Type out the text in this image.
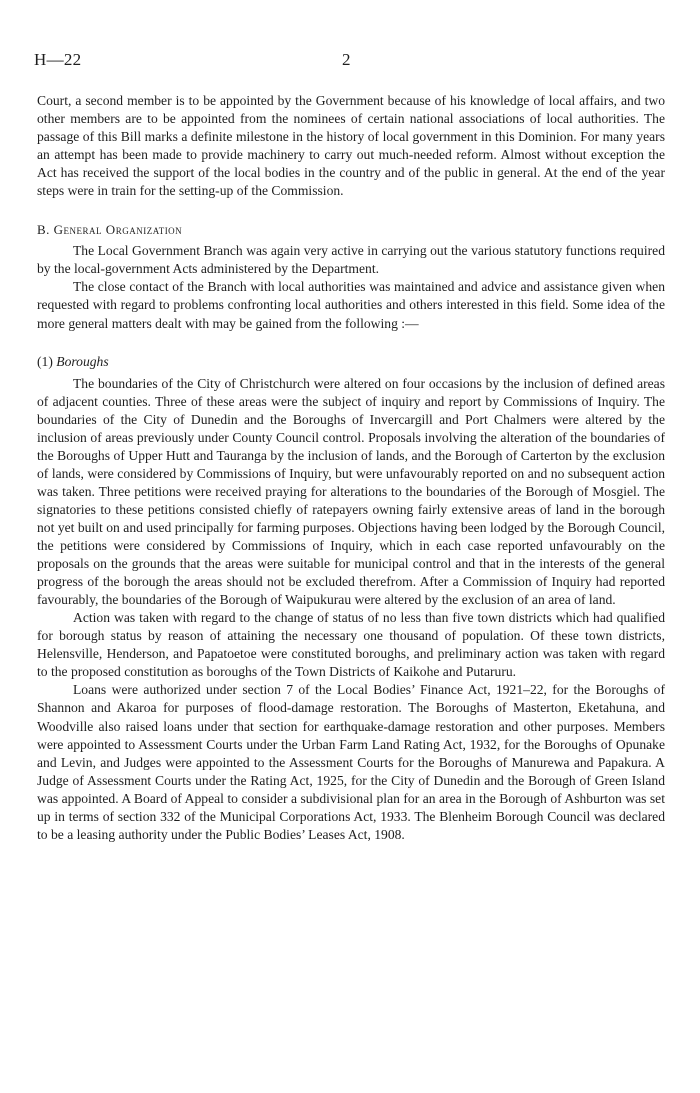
H—22	2

Court, a second member is to be appointed by the Government because of his knowledge of local affairs, and two other members are to be appointed from the nominees of certain national associations of local authorities. The passage of this Bill marks a definite milestone in the history of local government in this Dominion. For many years an attempt has been made to provide machinery to carry out much-needed reform. Almost without exception the Act has received the support of the local bodies in the country and of the public in general. At the end of the year steps were in train for the setting-up of the Commission.

B. General Organization

The Local Government Branch was again very active in carrying out the various statutory functions required by the local-government Acts administered by the Department.

The close contact of the Branch with local authorities was maintained and advice and assistance given when requested with regard to problems confronting local authorities and others interested in this field. Some idea of the more general matters dealt with may be gained from the following :—

(1) Boroughs

The boundaries of the City of Christchurch were altered on four occasions by the inclusion of defined areas of adjacent counties. Three of these areas were the subject of inquiry and report by Commissions of Inquiry. The boundaries of the City of Dunedin and the Boroughs of Invercargill and Port Chalmers were altered by the inclusion of areas previously under County Council control. Proposals involving the alteration of the boundaries of the Boroughs of Upper Hutt and Tauranga by the inclusion of lands, and the Borough of Carterton by the exclusion of lands, were considered by Commissions of Inquiry, but were unfavourably reported on and no subsequent action was taken. Three petitions were received praying for alterations to the boundaries of the Borough of Mosgiel. The signatories to these petitions consisted chiefly of ratepayers owning fairly extensive areas of land in the borough not yet built on and used principally for farming purposes. Objections having been lodged by the Borough Council, the petitions were considered by Commissions of Inquiry, which in each case reported unfavourably on the proposals on the grounds that the areas were suitable for municipal control and that in the interests of the general progress of the borough the areas should not be excluded therefrom. After a Commission of Inquiry had reported favourably, the boundaries of the Borough of Waipukurau were altered by the exclusion of an area of land.

Action was taken with regard to the change of status of no less than five town districts which had qualified for borough status by reason of attaining the necessary one thousand of population. Of these town districts, Helensville, Henderson, and Papatoetoe were constituted boroughs, and preliminary action was taken with regard to the proposed constitution as boroughs of the Town Districts of Kaikohe and Putaruru.

Loans were authorized under section 7 of the Local Bodies’ Finance Act, 1921–22, for the Boroughs of Shannon and Akaroa for purposes of flood-damage restoration. The Boroughs of Masterton, Eketahuna, and Woodville also raised loans under that section for earthquake-damage restoration and other purposes. Members were appointed to Assessment Courts under the Urban Farm Land Rating Act, 1932, for the Boroughs of Opunake and Levin, and Judges were appointed to the Assessment Courts for the Boroughs of Manurewa and Papakura. A Judge of Assessment Courts under the Rating Act, 1925, for the City of Dunedin and the Borough of Green Island was appointed. A Board of Appeal to consider a subdivisional plan for an area in the Borough of Ashburton was set up in terms of section 332 of the Municipal Corporations Act, 1933. The Blenheim Borough Council was declared to be a leasing authority under the Public Bodies’ Leases Act, 1908.
